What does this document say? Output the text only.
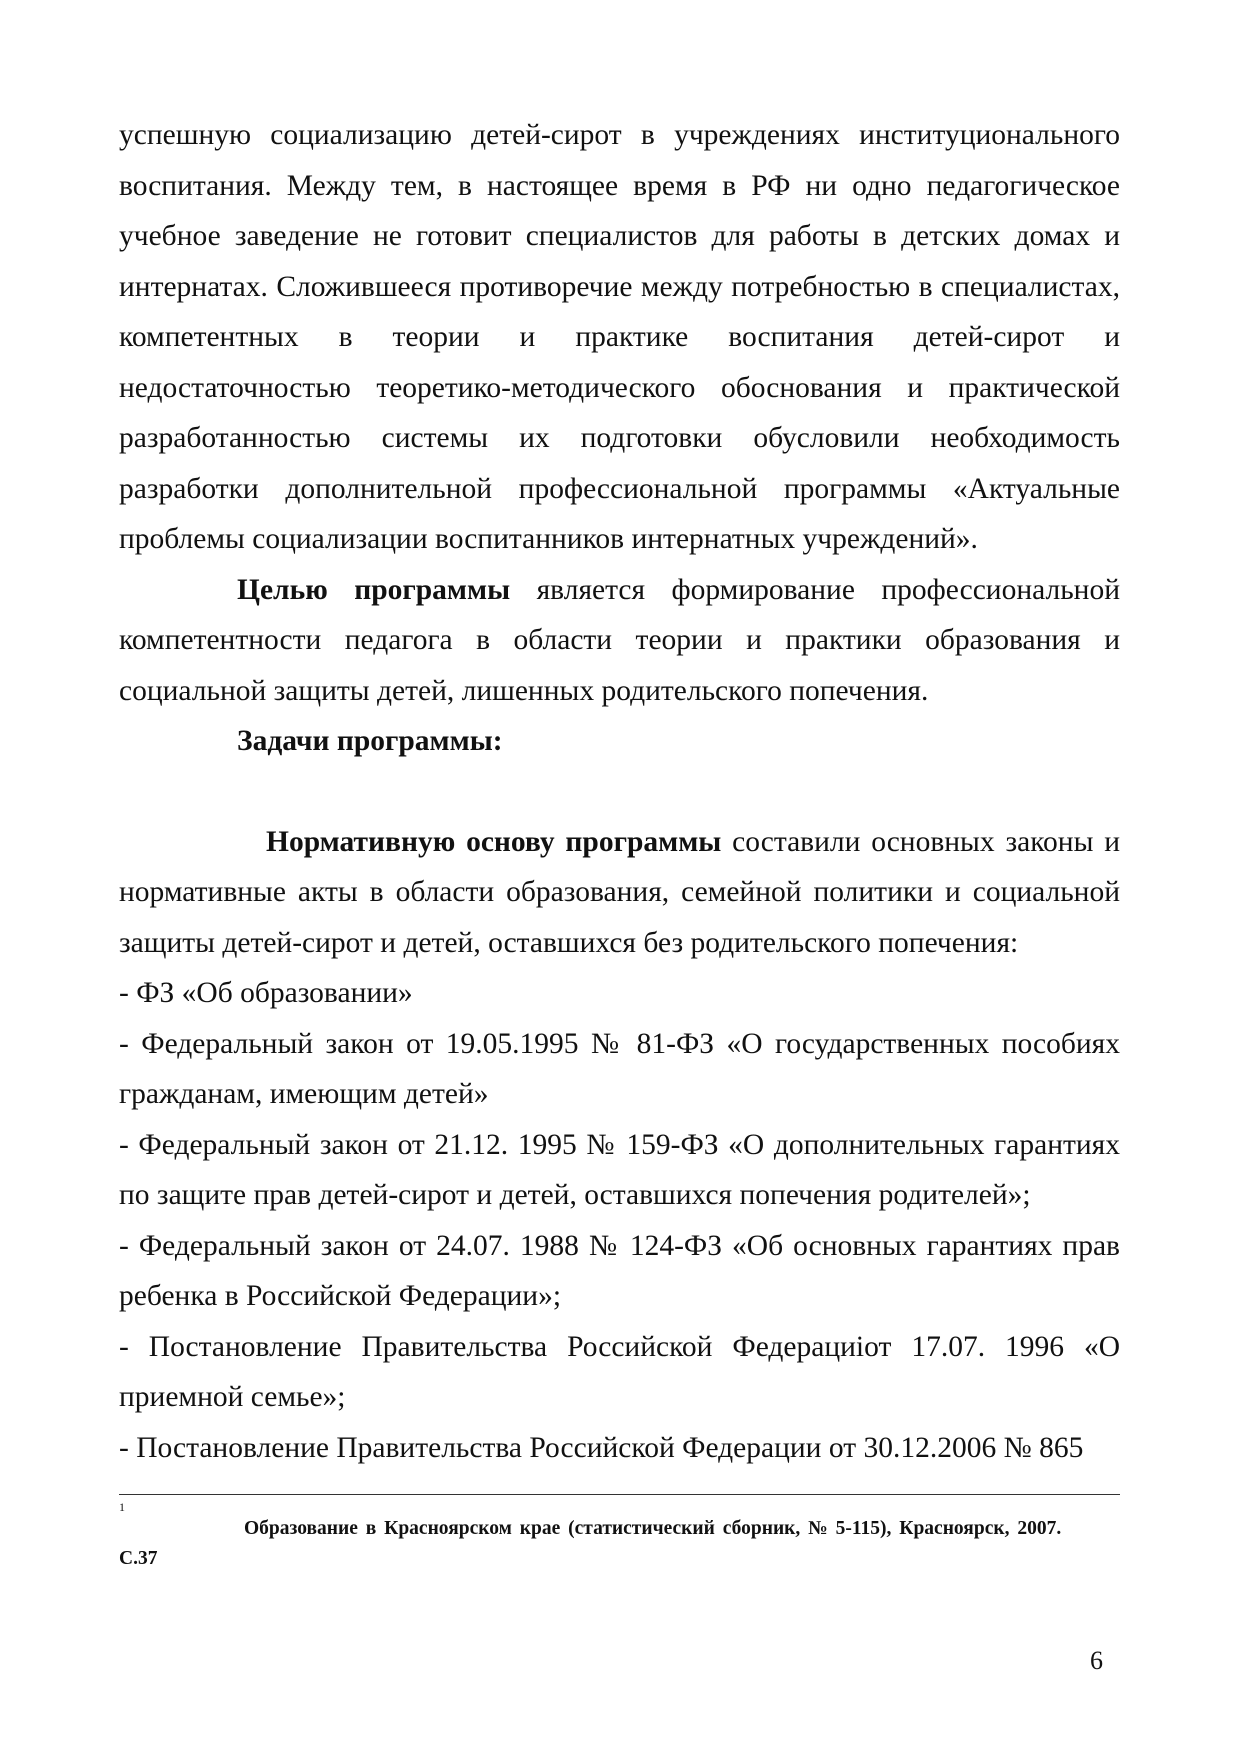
успешную социализацию детей-сирот в учреждениях институционального воспитания. Между тем, в настоящее время в РФ ни одно педагогическое учебное заведение не готовит специалистов для работы в детских домах и интернатах. Сложившееся противоречие между потребностью в специалистах, компетентных в теории и практике воспитания детей-сирот и недостаточностью теоретико-методического обоснования и практической разработанностью системы их подготовки обусловили необходимость разработки дополнительной профессиональной программы «Актуальные проблемы социализации воспитанников интернатных учреждений».

Целью программы является формирование профессиональной компетентности педагога в области теории и практики образования и социальной защиты детей, лишенных родительского попечения.

Задачи программы:

Нормативную основу программы составили основных законы и нормативные акты в области образования, семейной политики и социальной защиты детей-сирот и детей, оставшихся без родительского попечения:

- ФЗ «Об образовании»

- Федеральный закон от 19.05.1995 № 81-ФЗ «О государственных пособиях гражданам, имеющим детей»

- Федеральный закон от 21.12. 1995 № 159-ФЗ «О дополнительных гарантиях по защите прав детей-сирот и детей, оставшихся попечения родителей»;

- Федеральный закон от 24.07. 1988 № 124-ФЗ «Об основных гарантиях прав ребенка в Российской Федерации»;

- Постановление Правительства Российской Федерациiот 17.07. 1996 «О приемной семье»;

- Постановление Правительства Российской Федерации от 30.12.2006 № 865

1
Образование в Красноярском крае (статистический сборник, № 5-115), Красноярск, 2007.
С.37
6
